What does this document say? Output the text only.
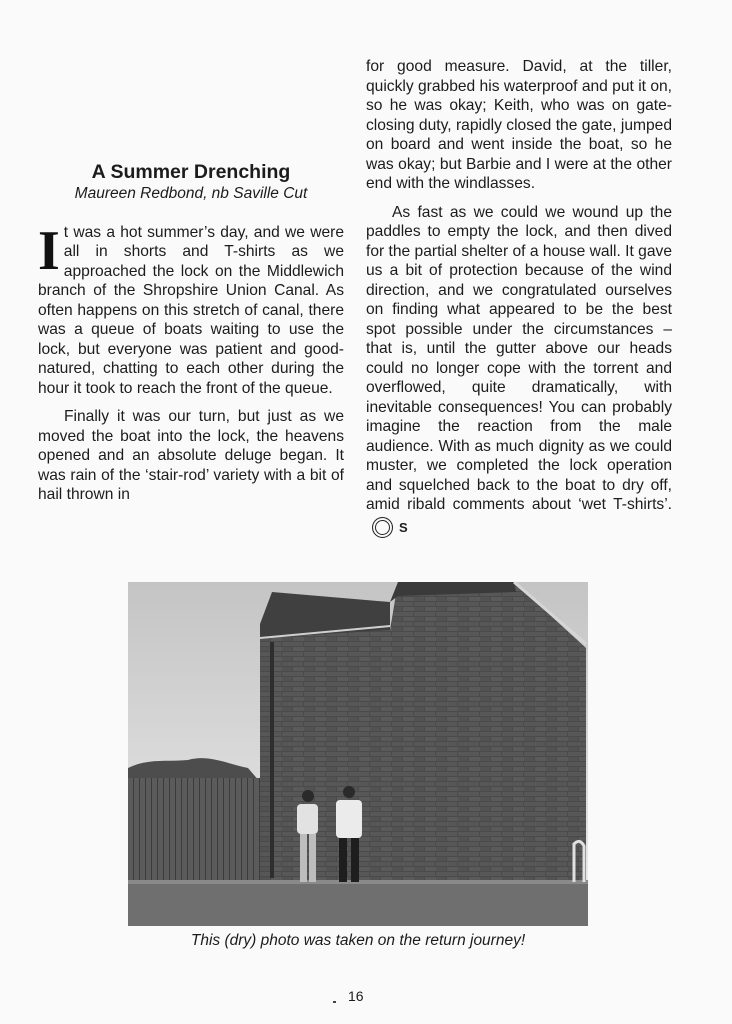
A Summer Drenching

Maureen Redbond, nb Saville Cut

It was a hot summer’s day, and we were all in shorts and T-shirts as we approached the lock on the Middlewich branch of the Shropshire Union Canal. As often happens on this stretch of canal, there was a queue of boats waiting to use the lock, but everyone was patient and good-natured, chatting to each other during the hour it took to reach the front of the queue.

Finally it was our turn, but just as we moved the boat into the lock, the heavens opened and an absolute deluge began. It was rain of the ‘stair-rod’ variety with a bit of hail thrown in

for good measure. David, at the tiller, quickly grabbed his waterproof and put it on, so he was okay; Keith, who was on gate-closing duty, rapidly closed the gate, jumped on board and went inside the boat, so he was okay; but Barbie and I were at the other end with the windlasses.

As fast as we could we wound up the paddles to empty the lock, and then dived for the partial shelter of a house wall. It gave us a bit of protection because of the wind direction, and we congratulated ourselves on finding what appeared to be the best spot possible under the circumstances – that is, until the gutter above our heads could no longer cope with the torrent and overflowed, quite dramatically, with inevitable consequences! You can probably imagine the reaction from the male audience. With as much dignity as we could muster, we completed the lock operation and squelched back to the boat to dry off, amid ribald comments about ‘wet T-shirts’.S

This (dry) photo was taken on the return journey!
16
